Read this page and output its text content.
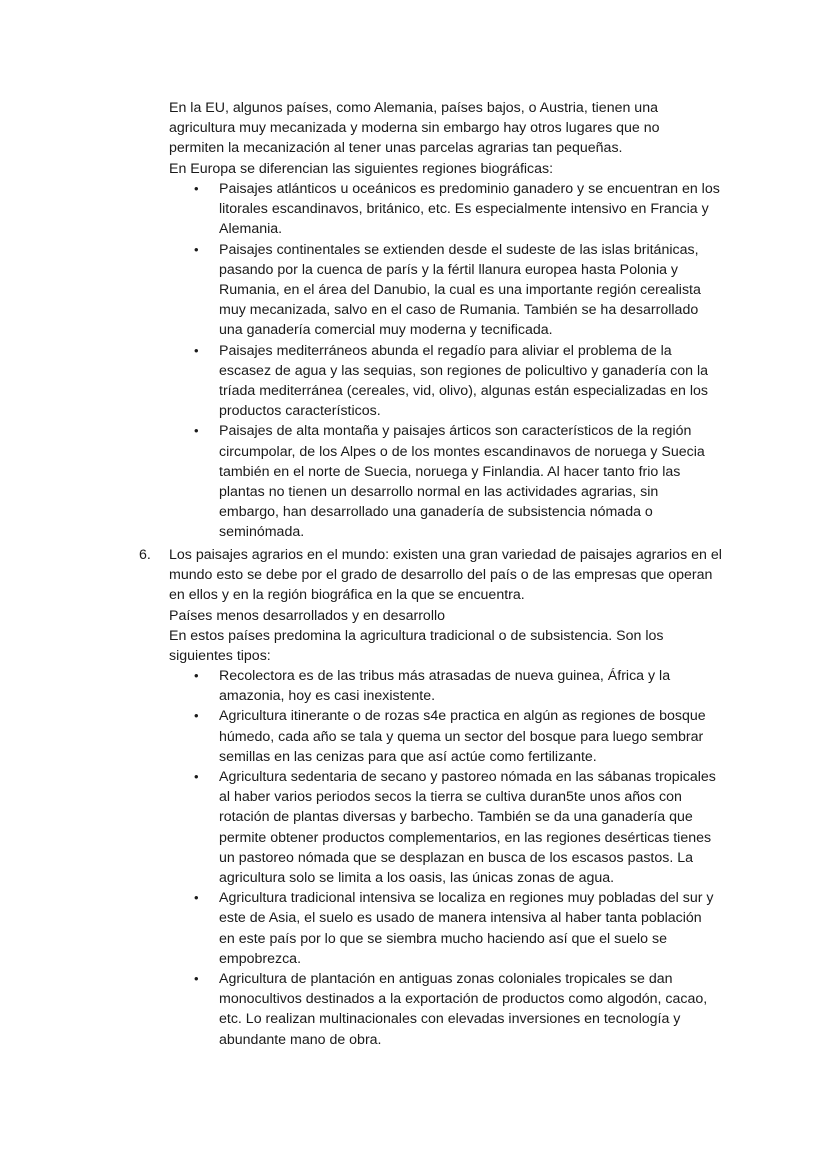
En la EU, algunos países, como Alemania, países bajos, o Austria, tienen una
agricultura muy mecanizada y moderna sin embargo hay otros lugares que no
permiten la mecanización al tener unas parcelas agrarias tan pequeñas.
En Europa se diferencian las siguientes regiones biográficas:
• Paisajes atlánticos u oceánicos es predominio ganadero y se encuentran en los
litorales escandinavos, británico, etc. Es especialmente intensivo en Francia y
Alemania.
• Paisajes continentales se extienden desde el sudeste de las islas británicas,
pasando por la cuenca de parís y la fértil llanura europea hasta Polonia y
Rumania, en el área del Danubio, la cual es una importante región cerealista
muy mecanizada, salvo en el caso de Rumania. También se ha desarrollado
una ganadería comercial muy moderna y tecnificada.
• Paisajes mediterráneos abunda el regadío para aliviar el problema de la
escasez de agua y las sequias, son regiones de policultivo y ganadería con la
tríada mediterránea (cereales, vid, olivo), algunas están especializadas en los
productos característicos.
• Paisajes de alta montaña y paisajes árticos son característicos de la región
circumpolar, de los Alpes o de los montes escandinavos de noruega y Suecia
también en el norte de Suecia, noruega y Finlandia. Al hacer tanto frio las
plantas no tienen un desarrollo normal en las actividades agrarias, sin
embargo, han desarrollado una ganadería de subsistencia nómada o
seminómada.
6. Los paisajes agrarios en el mundo: existen una gran variedad de paisajes agrarios en el
mundo esto se debe por el grado de desarrollo del país o de las empresas que operan
en ellos y en la región biográfica en la que se encuentra.
Países menos desarrollados y en desarrollo
En estos países predomina la agricultura tradicional o de subsistencia. Son los
siguientes tipos:
• Recolectora es de las tribus más atrasadas de nueva guinea, África y la
amazonia, hoy es casi inexistente.
• Agricultura itinerante o de rozas s4e practica en algún as regiones de bosque
húmedo, cada año se tala y quema un sector del bosque para luego sembrar
semillas en las cenizas para que así actúe como fertilizante.
• Agricultura sedentaria de secano y pastoreo nómada en las sábanas tropicales
al haber varios periodos secos la tierra se cultiva duran5te unos años con
rotación de plantas diversas y barbecho. También se da una ganadería que
permite obtener productos complementarios, en las regiones desérticas tienes
un pastoreo nómada que se desplazan en busca de los escasos pastos. La
agricultura solo se limita a los oasis, las únicas zonas de agua.
• Agricultura tradicional intensiva se localiza en regiones muy pobladas del sur y
este de Asia, el suelo es usado de manera intensiva al haber tanta población
en este país por lo que se siembra mucho haciendo así que el suelo se
empobrezca.
• Agricultura de plantación en antiguas zonas coloniales tropicales se dan
monocultivos destinados a la exportación de productos como algodón, cacao,
etc. Lo realizan multinacionales con elevadas inversiones en tecnología y
abundante mano de obra.
